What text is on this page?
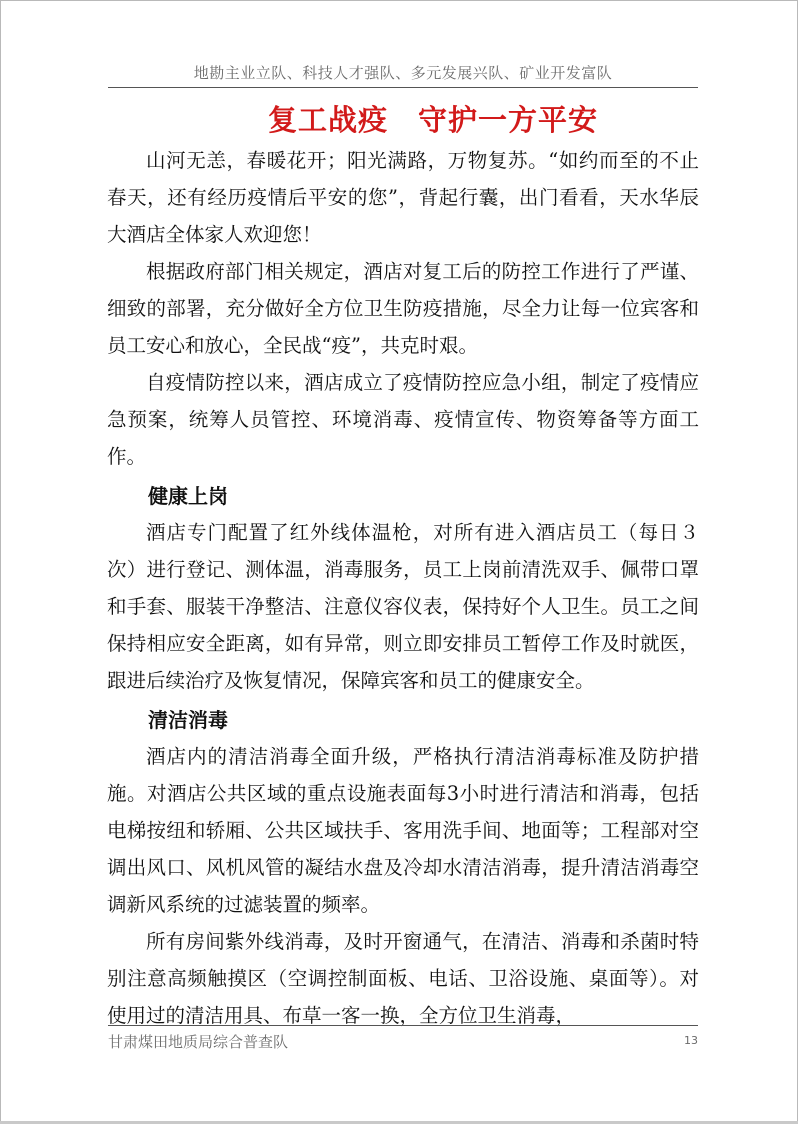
地勘主业立队、科技人才强队、多元发展兴队、矿业开发富队
复工战疫　守护一方平安

山河无恙，春暖花开；阳光满路，万物复苏。“如约而至的不止春天，还有经历疫情后平安的您”，背起行囊，出门看看，天水华辰大酒店全体家人欢迎您！

根据政府部门相关规定，酒店对复工后的防控工作进行了严谨、细致的部署，充分做好全方位卫生防疫措施，尽全力让每一位宾客和员工安心和放心，全民战“疫”，共克时艰。

自疫情防控以来，酒店成立了疫情防控应急小组，制定了疫情应急预案，统筹人员管控、环境消毒、疫情宣传、物资筹备等方面工作。

健康上岗

酒店专门配置了红外线体温枪，对所有进入酒店员工（每日３次）进行登记、测体温，消毒服务，员工上岗前清洗双手、佩带口罩和手套、服装干净整洁、注意仪容仪表，保持好个人卫生。员工之间保持相应安全距离，如有异常，则立即安排员工暂停工作及时就医，跟进后续治疗及恢复情况，保障宾客和员工的健康安全。

清洁消毒

酒店内的清洁消毒全面升级，严格执行清洁消毒标准及防护措施。对酒店公共区域的重点设施表面每3小时进行清洁和消毒，包括电梯按纽和轿厢、公共区域扶手、客用洗手间、地面等；工程部对空调出风口、风机风管的凝结水盘及冷却水清洁消毒，提升清洁消毒空调新风系统的过滤装置的频率。

所有房间紫外线消毒，及时开窗通气，在清洁、消毒和杀菌时特别注意高频触摸区（空调控制面板、电话、卫浴设施、桌面等）。对使用过的清洁用具、布草一客一换，全方位卫生消毒，

甘肃煤田地质局综合普查队	13
